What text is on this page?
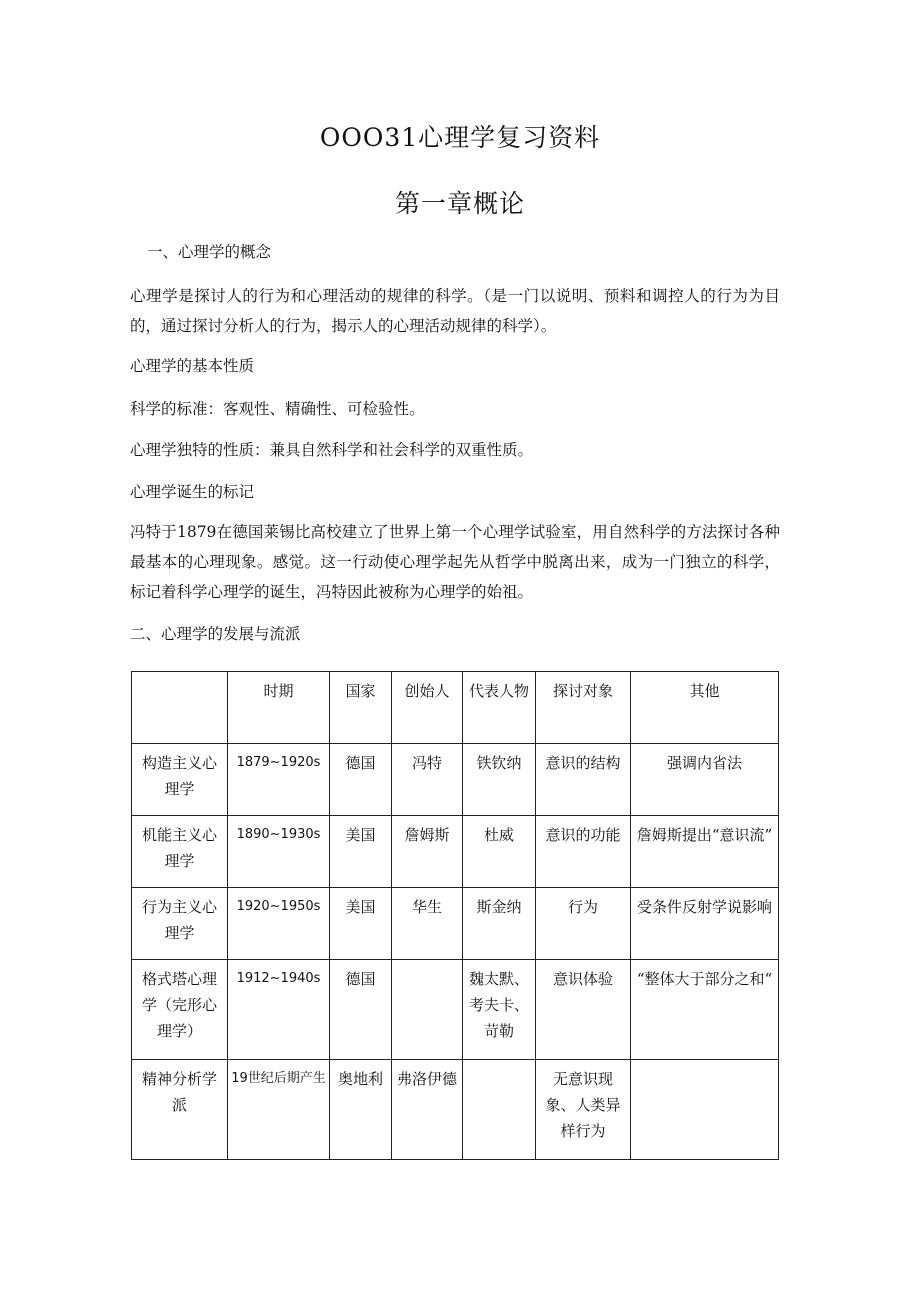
OOO31心理学复习资料
第一章概论
一、心理学的概念
心理学是探讨人的行为和心理活动的规律的科学。（是一门以说明、预料和调控人的行为为目的，通过探讨分析人的行为，揭示人的心理活动规律的科学）。
心理学的基本性质
科学的标准：客观性、精确性、可检验性。
心理学独特的性质：兼具自然科学和社会科学的双重性质。
心理学诞生的标记
冯特于1879在德国莱锡比高校建立了世界上第一个心理学试验室，用自然科学的方法探讨各种最基本的心理现象。感觉。这一行动使心理学起先从哲学中脱离出来，成为一门独立的科学，标记着科学心理学的诞生，冯特因此被称为心理学的始祖。
二、心理学的发展与流派
	时期	国家	创始人	代表人物	探讨对象	其他
构造主义心理学	1879~1920s	德国	冯特	铁钦纳	意识的结构	强调内省法
机能主义心理学	1890~1930s	美国	詹姆斯	杜威	意识的功能	詹姆斯提出“意识流”
行为主义心理学	1920~1950s	美国	华生	斯金纳	行为	受条件反射学说影响
格式塔心理学（完形心理学）	1912~1940s	德国		魏太默、考夫卡、苛勒	意识体验	“整体大于部分之和“
精神分析学派	19世纪后期产生	奥地利	弗洛伊德		无意识现象、人类异样行为	
